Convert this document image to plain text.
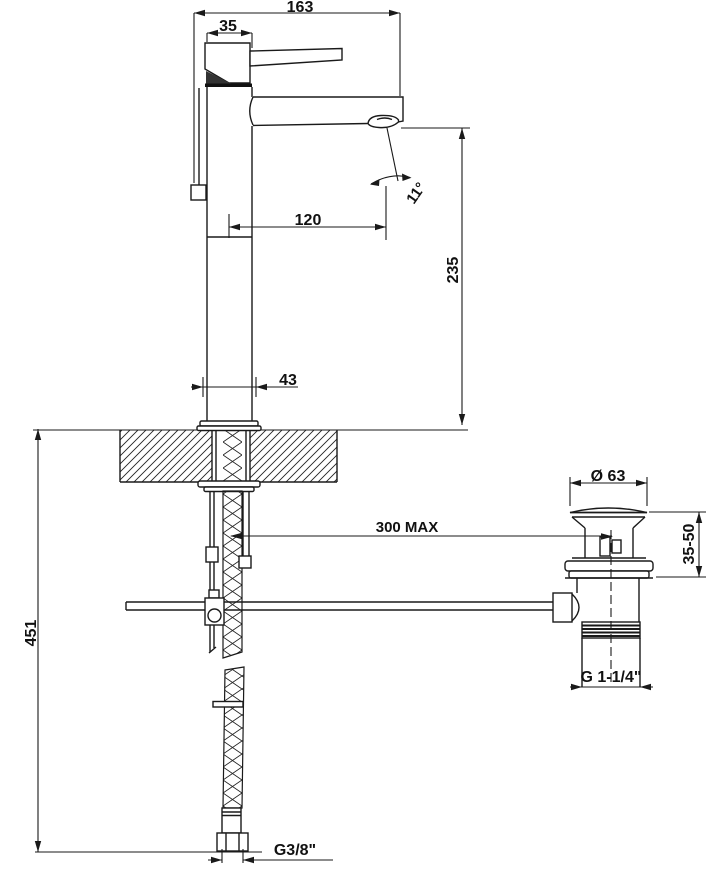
163
35
11°
120
235
43
451
300 MAX
Ø 63
35-50
G 1-1/4"
G3/8"
